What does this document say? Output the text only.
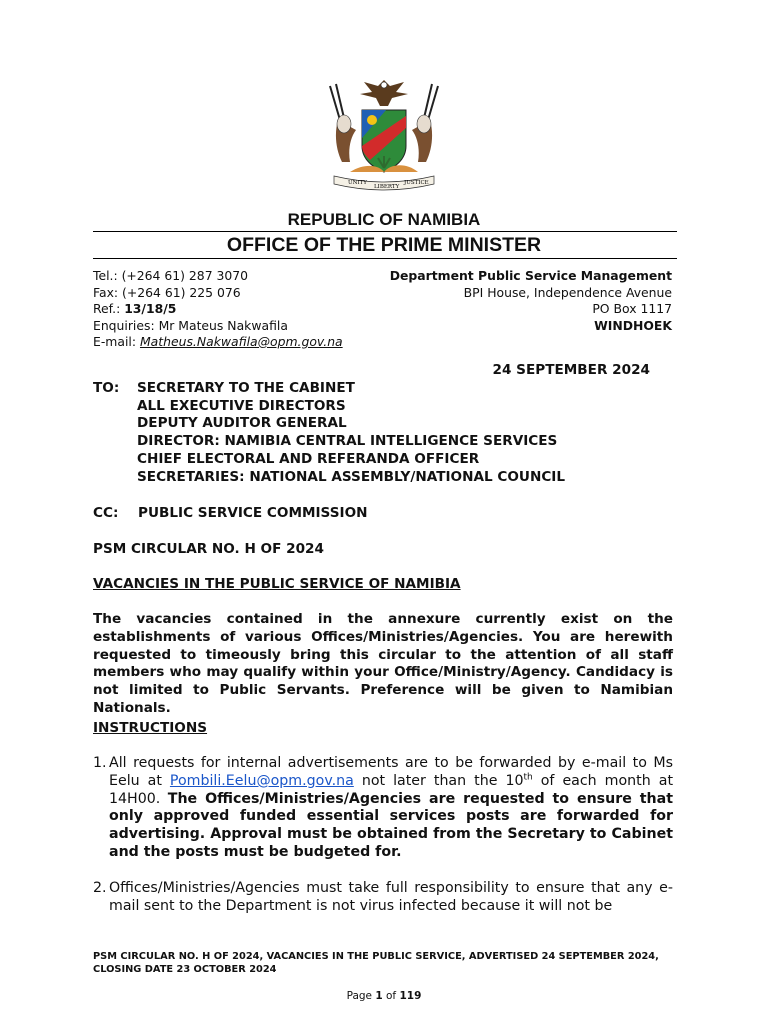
UNITY
LIBERTY
JUSTICE
REPUBLIC OF NAMIBIA
OFFICE OF THE PRIME MINISTER
Tel.: (+264 61) 287 3070
Fax: (+264 61) 225 076
Ref.: 13/18/5
Enquiries: Mr Mateus Nakwafila
E-mail: Matheus.Nakwafila@opm.gov.na
Department Public Service Management
BPI House, Independence Avenue
PO Box 1117
WINDHOEK
24 SEPTEMBER 2024
TO: SECRETARY TO THE CABINET
ALL EXECUTIVE DIRECTORS
DEPUTY AUDITOR GENERAL
DIRECTOR: NAMIBIA CENTRAL INTELLIGENCE SERVICES
CHIEF ELECTORAL AND REFERANDA OFFICER
SECRETARIES: NATIONAL ASSEMBLY/NATIONAL COUNCIL
CC: PUBLIC SERVICE COMMISSION
PSM CIRCULAR NO. H OF 2024
VACANCIES IN THE PUBLIC SERVICE OF NAMIBIA
The vacancies contained in the annexure currently exist on the establishments of various Offices/Ministries/Agencies. You are herewith requested to timeously bring this circular to the attention of all staff members who may qualify within your Office/Ministry/Agency. Candidacy is not limited to Public Servants. Preference will be given to Namibian Nationals.
INSTRUCTIONS
1. All requests for internal advertisements are to be forwarded by e-mail to Ms Eelu at Pombili.Eelu@opm.gov.na not later than the 10th of each month at 14H00. The Offices/Ministries/Agencies are requested to ensure that only approved funded essential services posts are forwarded for advertising. Approval must be obtained from the Secretary to Cabinet and the posts must be budgeted for.
2. Offices/Ministries/Agencies must take full responsibility to ensure that any e-mail sent to the Department is not virus infected because it will not be
PSM CIRCULAR NO. H OF 2024, VACANCIES IN THE PUBLIC SERVICE, ADVERTISED 24 SEPTEMBER 2024, CLOSING DATE 23 OCTOBER 2024
Page 1 of 119
